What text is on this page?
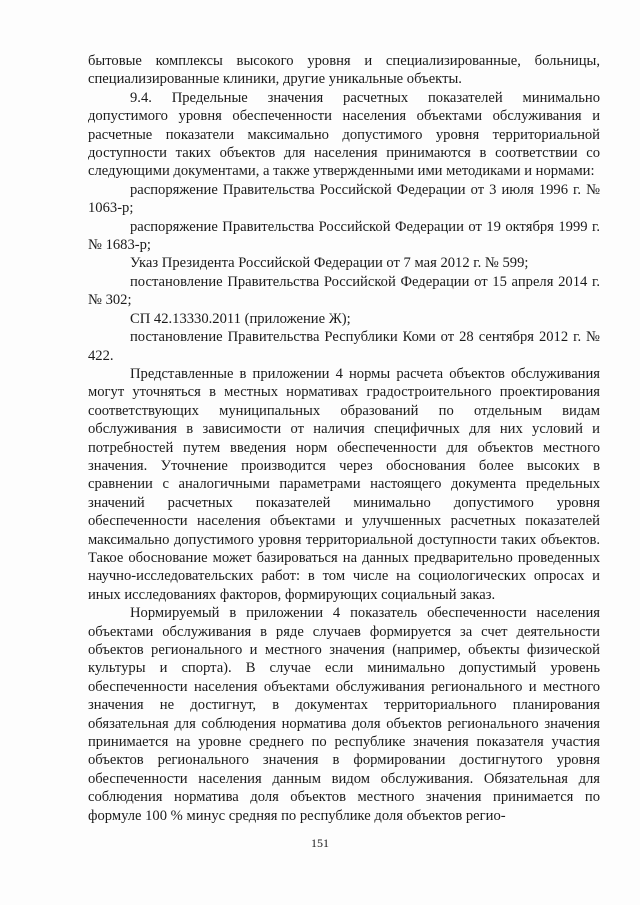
бытовые комплексы высокого уровня и специализированные, больницы, специализированные клиники, другие уникальные объекты.

9.4. Предельные значения расчетных показателей минимально допустимого уровня обеспеченности населения объектами обслуживания и расчетные показатели максимально допустимого уровня территориальной доступности таких объектов для населения принимаются в соответствии со следующими документами, а также утвержденными ими методиками и нормами:

распоряжение Правительства Российской Федерации от 3 июля 1996 г. № 1063-р;

распоряжение Правительства Российской Федерации от 19 октября 1999 г. № 1683-р;

Указ Президента Российской Федерации от 7 мая 2012 г. № 599;

постановление Правительства Российской Федерации от 15 апреля 2014 г. № 302;

СП 42.13330.2011 (приложение Ж);

постановление Правительства Республики Коми от 28 сентября 2012 г. № 422.

Представленные в приложении 4 нормы расчета объектов обслуживания могут уточняться в местных нормативах градостроительного проектирования соответствующих муниципальных образований по отдельным видам обслуживания в зависимости от наличия специфичных для них условий и потребностей путем введения норм обеспеченности для объектов местного значения. Уточнение производится через обоснования более высоких в сравнении с аналогичными параметрами настоящего документа предельных значений расчетных показателей минимально допустимого уровня обеспеченности населения объектами и улучшенных расчетных показателей максимально допустимого уровня территориальной доступности таких объектов. Такое обоснование может базироваться на данных предварительно проведенных научно-исследовательских работ: в том числе на социологических опросах и иных исследованиях факторов, формирующих социальный заказ.

Нормируемый в приложении 4 показатель обеспеченности населения объектами обслуживания в ряде случаев формируется за счет деятельности объектов регионального и местного значения (например, объекты физической культуры и спорта). В случае если минимально допустимый уровень обеспеченности населения объектами обслуживания регионального и местного значения не достигнут, в документах территориального планирования обязательная для соблюдения норматива доля объектов регионального значения принимается на уровне среднего по республике значения показателя участия объектов регионального значения в формировании достигнутого уровня обеспеченности населения данным видом обслуживания. Обязательная для соблюдения норматива доля объектов местного значения принимается по формуле 100 % минус средняя по республике доля объектов регио-

151
